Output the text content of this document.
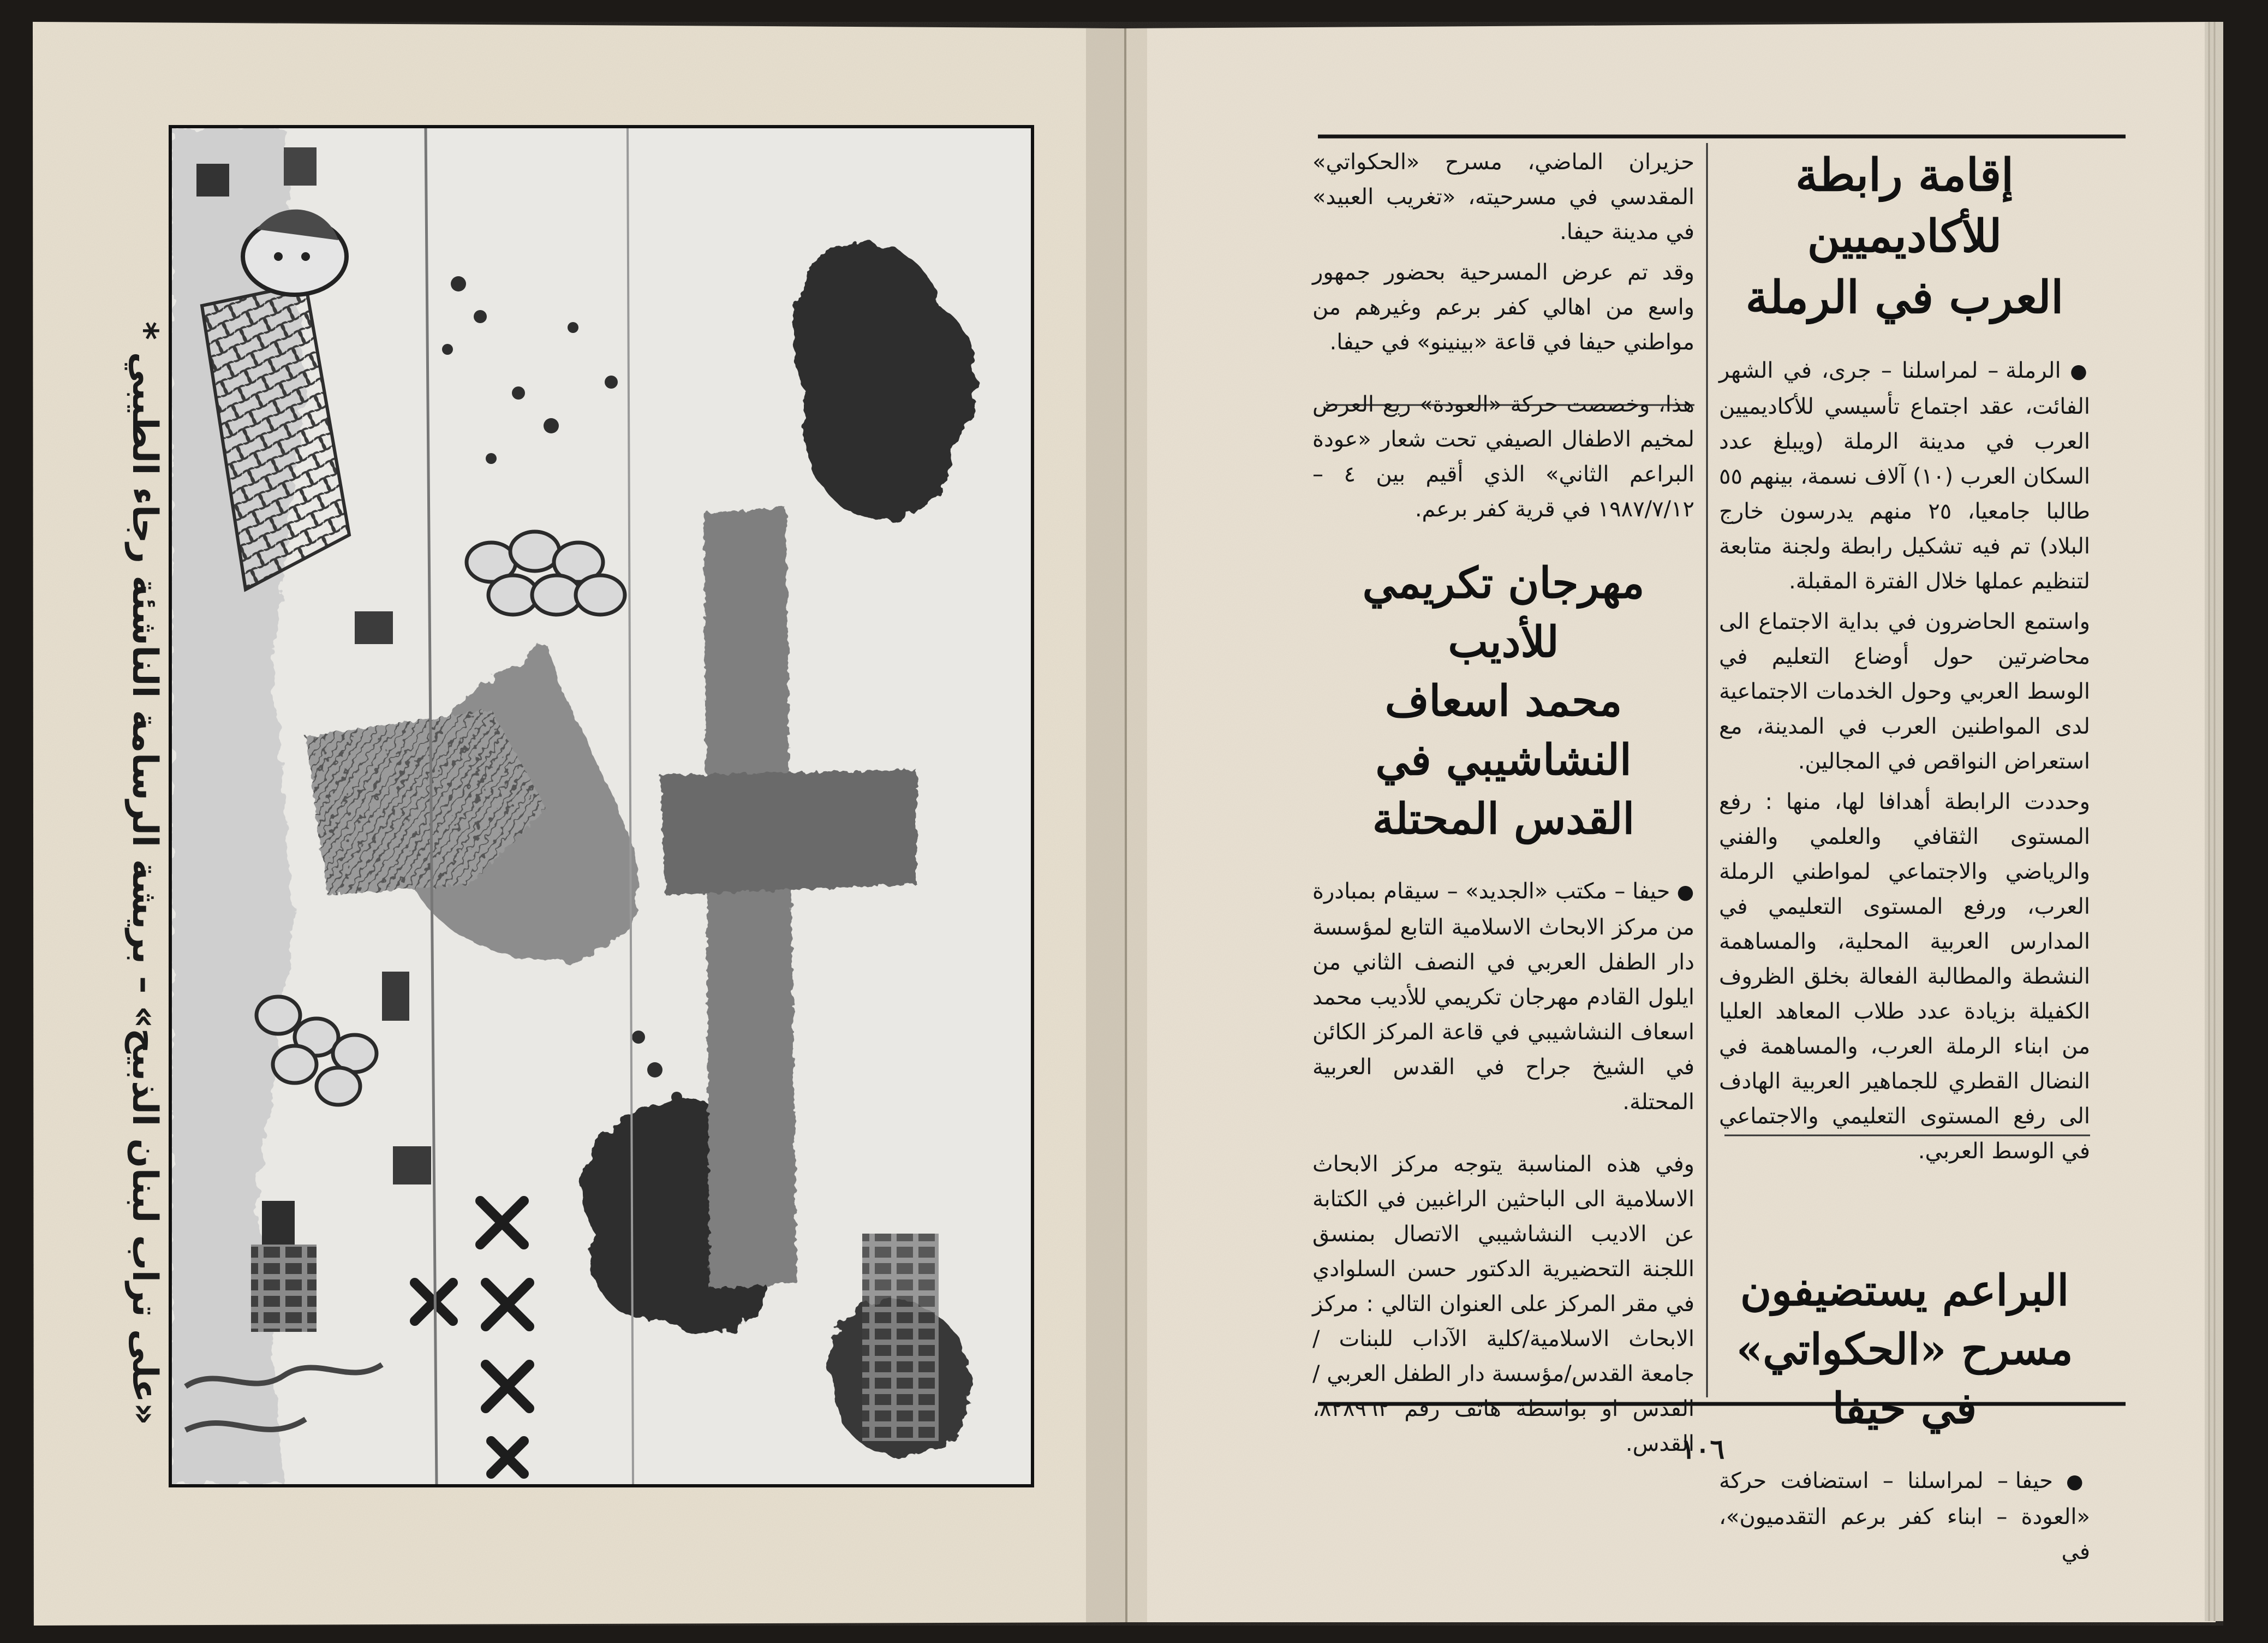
«على تراب لبنان الذبيح» – بريشة الرسامة الناشئة رجاء الطيبي *
إقامة رابطة للأكاديميين
العرب في الرملة

● الرملة – لمراسلنا – جرى، في الشهر الفائت، عقد اجتماع تأسيسي للأكاديميين العرب في مدينة الرملة (ويبلغ عدد السكان العرب (١٠) آلاف نسمة، بينهم ٥٥ طالبا جامعيا، ٢٥ منهم يدرسون خارج البلاد) تم فيه تشكيل رابطة ولجنة متابعة لتنظيم عملها خلال الفترة المقبلة.

واستمع الحاضرون في بداية الاجتماع الى محاضرتين حول أوضاع التعليم في الوسط العربي وحول الخدمات الاجتماعية لدى المواطنين العرب في المدينة، مع استعراض النواقص في المجالين.

وحددت الرابطة أهدافا لها، منها : رفع المستوى الثقافي والعلمي والفني والرياضي والاجتماعي لمواطني الرملة العرب، ورفع المستوى التعليمي في المدارس العربية المحلية، والمساهمة النشطة والمطالبة الفعالة بخلق الظروف الكفيلة بزيادة عدد طلاب المعاهد العليا من ابناء الرملة العرب، والمساهمة في النضال القطري للجماهير العربية الهادف الى رفع المستوى التعليمي والاجتماعي في الوسط العربي.

البراعم يستضيفون
مسرح «الحكواتي» في حيفا

● حيفا – لمراسلنا – استضافت حركة «العودة – ابناء كفر برعم التقدميون»، في

حزيران الماضي، مسرح «الحكواتي» المقدسي في مسرحيته، «تغريب العبيد» في مدينة حيفا.

وقد تم عرض المسرحية بحضور جمهور واسع من اهالي كفر برعم وغيرهم من مواطني حيفا في قاعة «بينينو» في حيفا.

هذا، وخصصت حركة «العودة» ريع العرض لمخيم الاطفال الصيفي تحت شعار «عودة البراعم الثاني» الذي أقيم بين ٤ – ١٩٨٧/٧/١٢ في قرية كفر برعم.

مهرجان تكريمي للأديب
محمد اسعاف النشاشيبي في
القدس المحتلة

● حيفا – مكتب «الجديد» – سيقام بمبادرة من مركز الابحاث الاسلامية التابع لمؤسسة دار الطفل العربي في النصف الثاني من ايلول القادم مهرجان تكريمي للأديب محمد اسعاف النشاشيبي في قاعة المركز الكائن في الشيخ جراح في القدس العربية المحتلة.

وفي هذه المناسبة يتوجه مركز الابحاث الاسلامية الى الباحثين الراغبين في الكتابة عن الاديب النشاشيبي الاتصال بمنسق اللجنة التحضيرية الدكتور حسن السلوادي في مقر المركز على العنوان التالي : مركز الابحاث الاسلامية/كلية الآداب للبنات /جامعة القدس/مؤسسة دار الطفل العربي / القدس او بواسطة هاتف رقم ٨٢٨٩٦٢، القدس.

١٠٦
